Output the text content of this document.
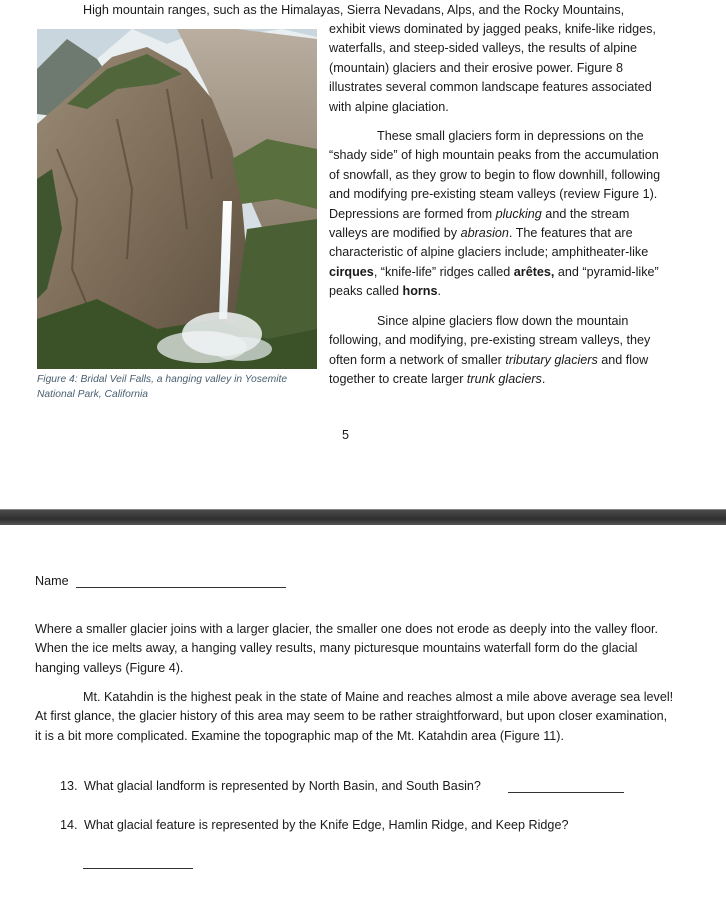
High mountain ranges, such as the Himalayas, Sierra Nevadans, Alps, and the Rocky Mountains,

exhibit views dominated by jagged peaks, knife-like ridges, waterfalls, and steep-sided valleys, the results of alpine (mountain) glaciers and their erosive power. Figure 8 illustrates several common landscape features associated with alpine glaciation.

These small glaciers form in depressions on the “shady side” of high mountain peaks from the accumulation of snowfall, as they grow to begin to flow downhill, following and modifying pre-existing steam valleys (review Figure 1). Depressions are formed from plucking and the stream valleys are modified by abrasion. The features that are characteristic of alpine glaciers include; amphitheater-like cirques, “knife-life” ridges called arêtes, and “pyramid-like” peaks called horns.

Since alpine glaciers flow down the mountain following, and modifying, pre-existing stream valleys, they often form a network of smaller tributary glaciers and flow together to create larger trunk glaciers.

Figure 4: Bridal Veil Falls, a hanging valley in Yosemite National Park, California
5

Name

Where a smaller glacier joins with a larger glacier, the smaller one does not erode as deeply into the valley floor. When the ice melts away, a hanging valley results, many picturesque mountains waterfall form do the glacial hanging valleys (Figure 4).

Mt. Katahdin is the highest peak in the state of Maine and reaches almost a mile above average sea level! At first glance, the glacier history of this area may seem to be rather straightforward, but upon closer examination, it is a bit more complicated. Examine the topographic map of the Mt. Katahdin area (Figure 11).

13. What glacial landform is represented by North Basin, and South Basin?

14. What glacial feature is represented by the Knife Edge, Hamlin Ridge, and Keep Ridge?
